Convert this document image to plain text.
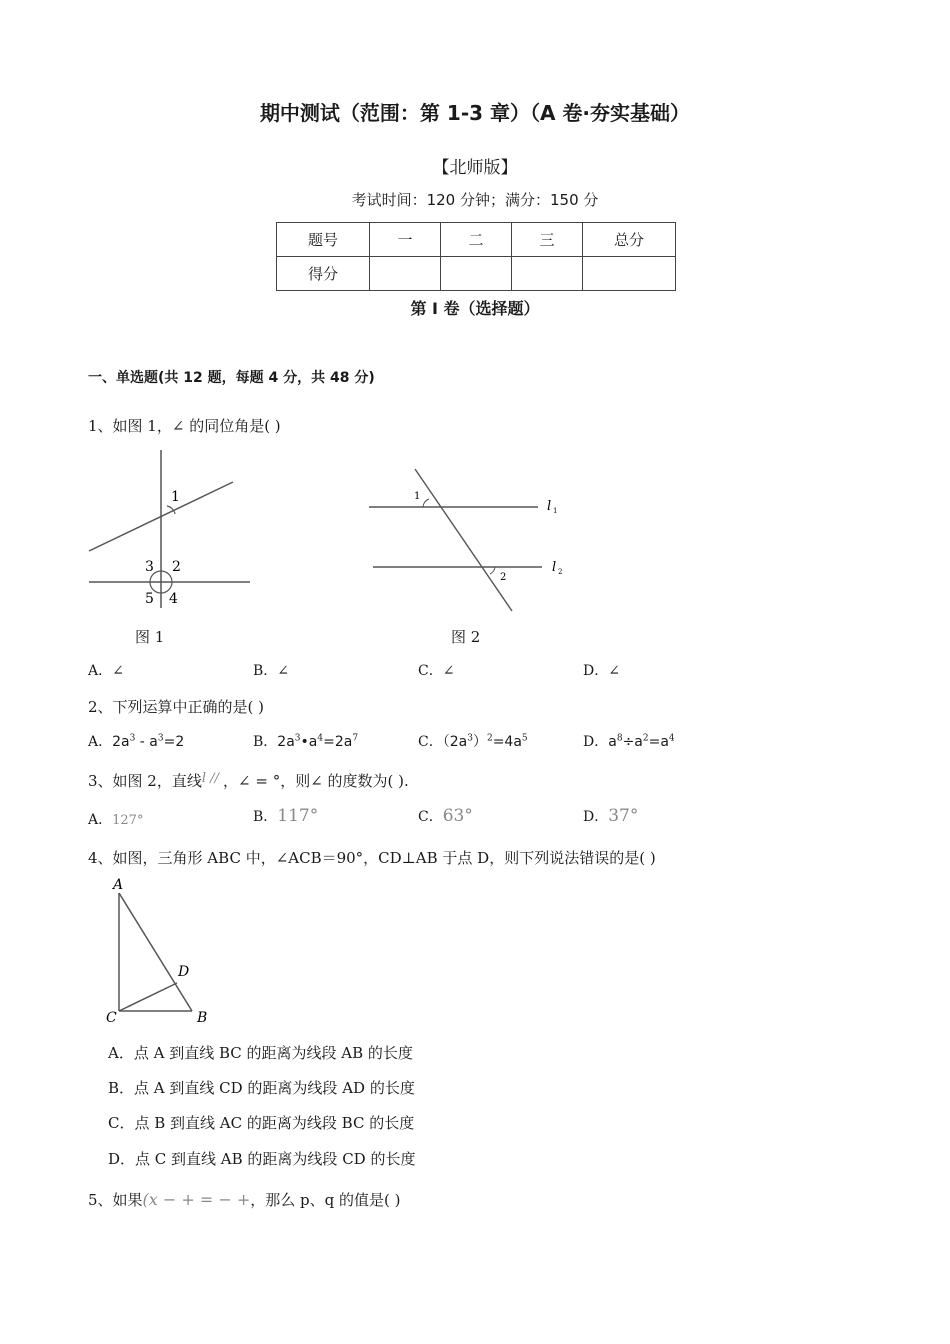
期中测试（范围：第 1-3 章）（A 卷·夯实基础）
【北师版】
考试时间：120 分钟；满分：150 分
题号	一	二	三	总分
得分				
第 I 卷（选择题）
一、单选题(共 12 题，每题 4 分，共 48 分)
1、如图 1，∠ 的同位角是( )
1
3 2
5 4
图 1
1
2
l 1
l 2
图 2
A．∠	B．∠	C．∠	D．∠
2、下列运算中正确的是( )
A．$2a^3 - a^3=2$	B．$2a^3•a^4=2a^7$	C．$(2a^3)^2=4a^5$	D．$a^8\div a^2=a^4$
3、如图 2，直线l // ，∠ = °，则∠ 的度数为( ).
A．127°	B．117°	C．63°	D．37°
4、如图，三角形 ABC 中，∠ACB＝90°，CD⊥AB 于点 D，则下列说法错误的是( )
A
D
C	B
A．点 A 到直线 BC 的距离为线段 AB 的长度
B．点 A 到直线 CD 的距离为线段 AD 的长度
C．点 B 到直线 AC 的距离为线段 BC 的长度
D．点 C 到直线 AB 的距离为线段 CD 的长度
5、如果(x − + = − +，那么 p、q 的值是( )
